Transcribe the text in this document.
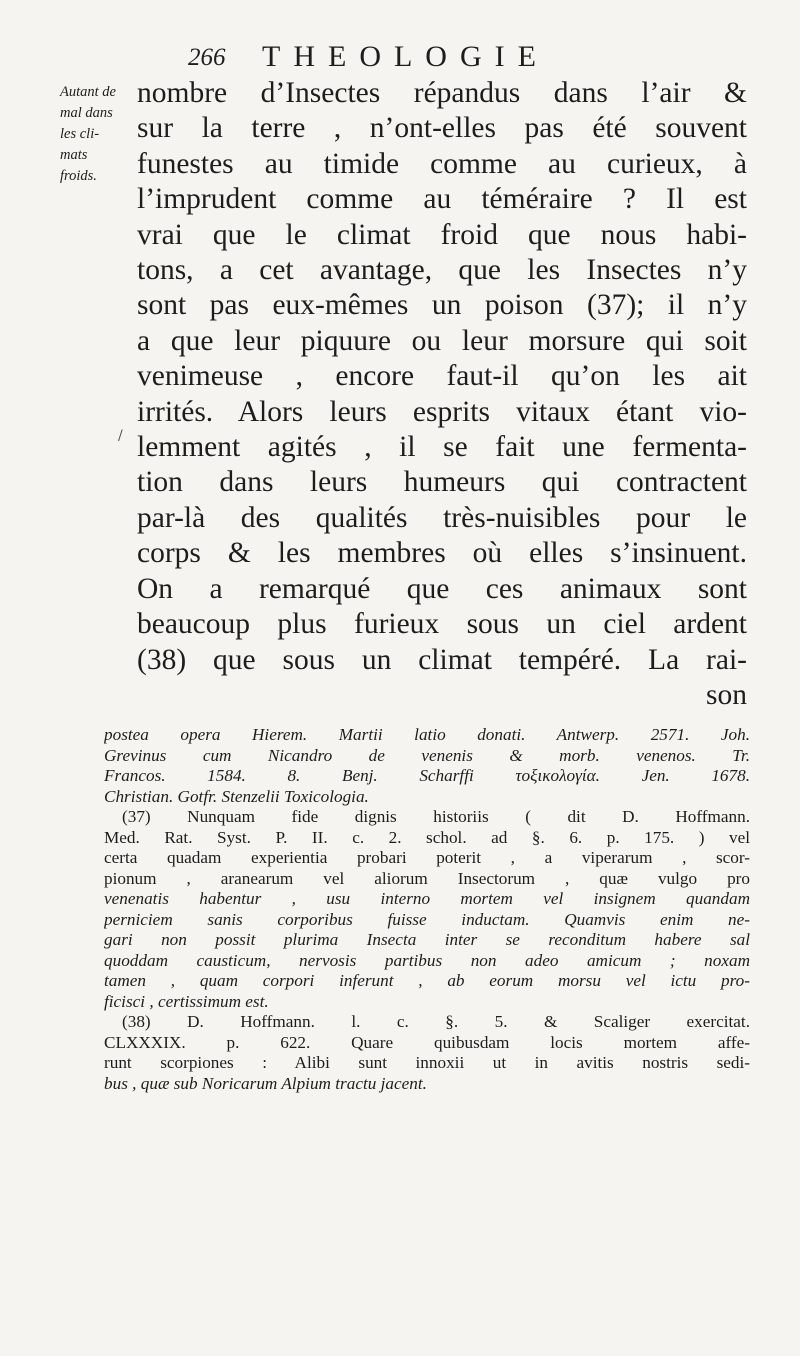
266 THEOLOGIE
Autant de
mal dans
les cli-
mats
froids.
nombre d’Insectes répandus dans l’air &
sur la terre , n’ont-elles pas été souvent
funestes au timide comme au curieux, à
l’imprudent comme au téméraire ? Il est
vrai que le climat froid que nous habi-
tons, a cet avantage, que les Insectes n’y
sont pas eux-mêmes un poison (37); il n’y
a que leur piquure ou leur morsure qui soit
venimeuse , encore faut-il qu’on les ait
irrités. Alors leurs esprits vitaux étant vio-
lemment agités , il se fait une fermenta-
tion dans leurs humeurs qui contractent
par-là des qualités très-nuisibles pour le
corps & les membres où elles s’insinuent.
On a remarqué que ces animaux sont
beaucoup plus furieux sous un ciel ardent
(38) que sous un climat tempéré. La rai-
son
/
postea opera Hierem. Martii latio donati. Antwerp. 2571. Joh.
Grevinus cum Nicandro de venenis & morb. venenos. Tr.
Francos. 1584. 8. Benj. Scharffi τοξικολογία. Jen. 1678.
Christian. Gotfr. Stenzelii Toxicologia.
(37) Nunquam fide dignis historiis ( dit D. Hoffmann.
Med. Rat. Syst. P. II. c. 2. schol. ad §. 6. p. 175. ) vel
certa quadam experientia probari poterit , a viperarum , scor-
pionum , aranearum vel aliorum Insectorum , quæ vulgo pro
venenatis habentur , usu interno mortem vel insignem quandam
perniciem sanis corporibus fuisse inductam. Quamvis enim ne-
gari non possit plurima Insecta inter se reconditum habere sal
quoddam causticum, nervosis partibus non adeo amicum ; noxam
tamen , quam corpori inferunt , ab eorum morsu vel ictu pro-
ficisci , certissimum est.
(38) D. Hoffmann. l. c. §. 5. & Scaliger exercitat.
CLXXXIX. p. 622. Quare quibusdam locis mortem affe-
runt scorpiones : Alibi sunt innoxii ut in avitis nostris sedi-
bus , quæ sub Noricarum Alpium tractu jacent.
